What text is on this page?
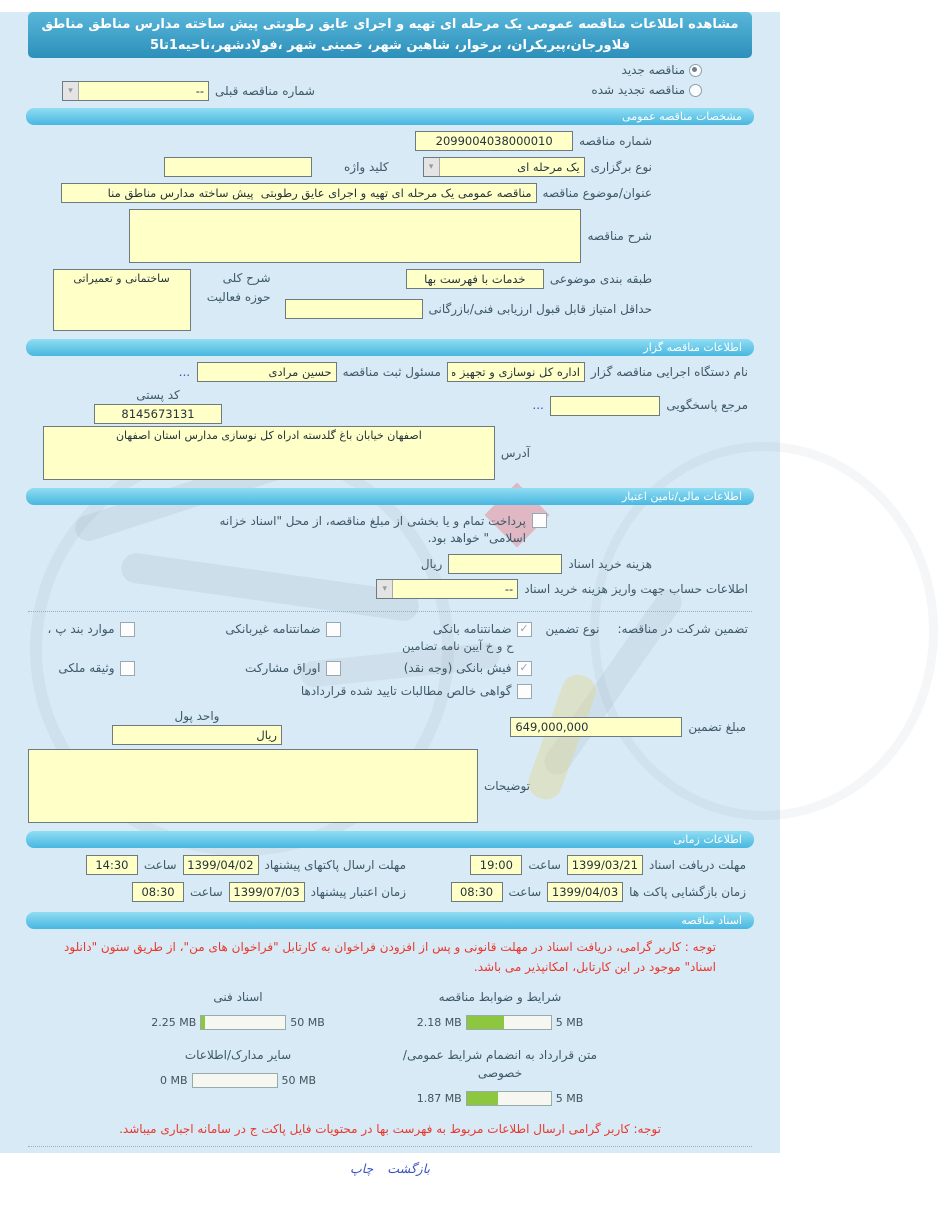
مشاهده اطلاعات مناقصه عمومی یک مرحله ای تهیه و اجرای عایق رطوبتی پیش ساخته مدارس مناطق مناطق فلاورجان،پیربکران، برخوار، شاهین شهر، خمینی شهر ،فولادشهر،ناحیه1تا5
مناقصه جدید
مناقصه تجدید شده
شماره مناقصه قبلی
--
▾
مشخصات مناقصه عمومی
شماره مناقصه
2099004038000010
نوع برگزاری
یک مرحله ای
▾
کلید واژه
عنوان/موضوع مناقصه
مناقصه عمومی یک مرحله ای تهیه و اجرای عایق رطوبتی پیش ساخته مدارس مناطق منا
شرح مناقصه
طبقه بندی موضوعی
خدمات با فهرست بها
حداقل امتیاز قابل قبول ارزیابی فنی/بازرگانی
شرح کلی حوزه فعالیت
ساختمانی و تعمیراتی
اطلاعات مناقصه گزار
نام دستگاه اجرایی مناقصه گزار
اداره کل نوسازی و تجهیز م
مسئول ثبت مناقصه
حسین مرادی
...
مرجع پاسخگویی
...
کد پستی
8145673131
آدرس
اصفهان خیابان باغ گلدسته ادراه کل نوسازی مدارس استان اصفهان
اطلاعات مالی/تامین اعتبار
پرداخت تمام و یا بخشی از مبلغ مناقصه، از محل "اسناد خزانه اسلامی" خواهد بود.
هزینه خرید اسناد
ریال
اطلاعات حساب جهت واریز هزینه خرید اسناد
--
▾
تضمین شرکت در مناقصه:
نوع تضمین
✓
ضمانتنامه بانکی
ح و خ آیین نامه تضامین
ضمانتنامه غیربانکی
موارد بند پ ،
✓
فیش بانکی (وجه نقد)
اوراق مشارکت
وثیقه ملکی
گواهی خالص مطالبات تایید شده قراردادها
مبلغ تضمین
649,000,000
واحد پول
ریال
توضیحات
اطلاعات زمانی
مهلت دریافت اسناد
1399/03/21
ساعت
19:00
مهلت ارسال پاکتهای پیشنهاد
1399/04/02
ساعت
14:30
زمان بازگشایی پاکت ها
1399/04/03
ساعت
08:30
زمان اعتبار پیشنهاد
1399/07/03
ساعت
08:30
اسناد مناقصه
توجه : کاربر گرامی، دریافت اسناد در مهلت قانونی و پس از افزودن فراخوان به کارتابل "فراخوان های من"، از طریق ستون "دانلود اسناد" موجود در این کارتابل، امکانپذیر می باشد.
شرایط و ضوابط مناقصه
2.18 MB	5 MB
اسناد فنی
2.25 MB	50 MB
متن قرارداد به انضمام شرایط عمومی/خصوصی
1.87 MB	5 MB
سایر مدارک/اطلاعات
0 MB	50 MB
توجه: کاربر گرامی ارسال اطلاعات مربوط به فهرست بها در محتویات فایل پاکت ج در سامانه اجباری میباشد.
چاپ بازگشت
